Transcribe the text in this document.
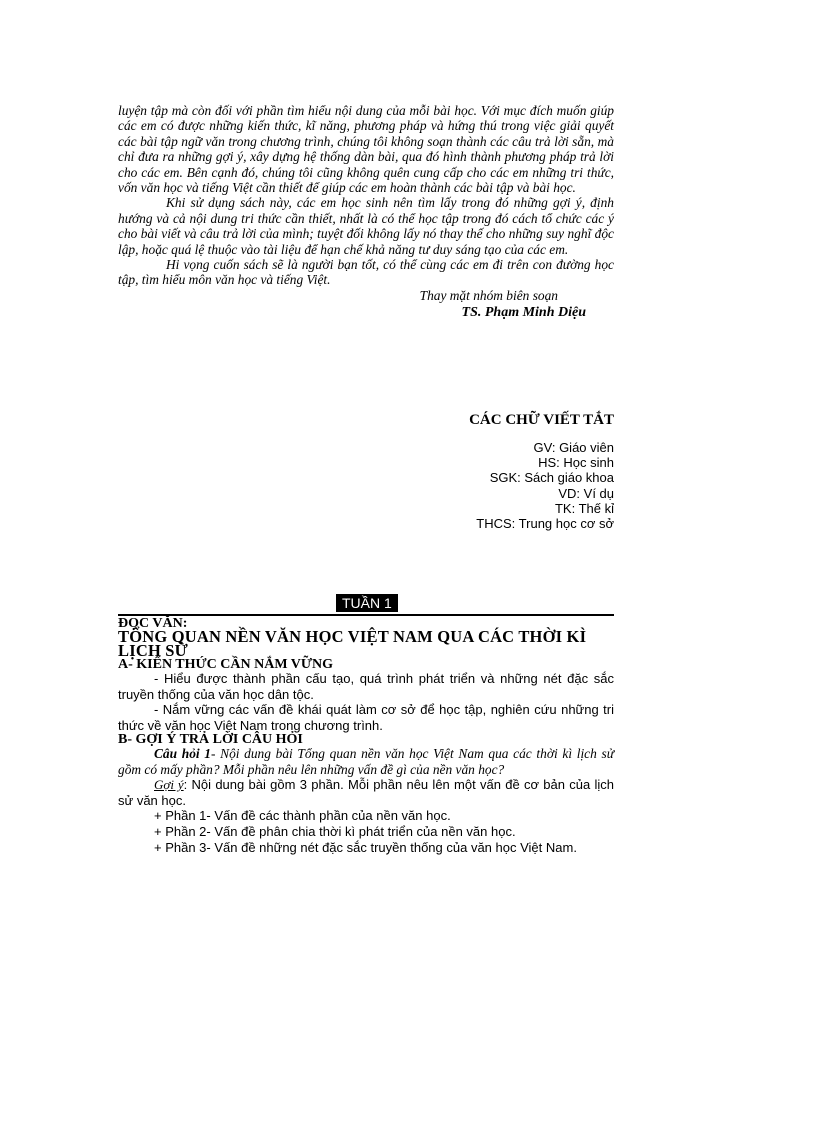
luyện tập mà còn đối với phần tìm hiểu nội dung của mỗi bài học. Với mục đích muốn giúp các em có được những kiến thức, kĩ năng, phương pháp và hứng thú trong việc giải quyết các bài tập ngữ văn trong chương trình, chúng tôi không soạn thành các câu trả lời sẵn, mà chỉ đưa ra những gợi ý, xây dựng hệ thống dàn bài, qua đó hình thành phương pháp trả lời cho các em. Bên cạnh đó, chúng tôi cũng không quên cung cấp cho các em những tri thức, vốn văn học và tiếng Việt cần thiết để giúp các em hoàn thành các bài tập và bài học.

Khi sử dụng sách này, các em học sinh nên tìm lấy trong đó những gợi ý, định hướng và cả nội dung tri thức cần thiết, nhất là có thể học tập trong đó cách tổ chức các ý cho bài viết và câu trả lời của mình; tuyệt đối không lấy nó thay thế cho những suy nghĩ độc lập, hoặc quá lệ thuộc vào tài liệu để hạn chế khả năng tư duy sáng tạo của các em.

Hi vọng cuốn sách sẽ là người bạn tốt, có thể cùng các em đi trên con đường học tập, tìm hiểu môn văn học và tiếng Việt.

Thay mặt nhóm biên soạn

TS. Phạm Minh Diệu

CÁC CHỮ VIẾT TẮT
GV: Giáo viên
HS: Học sinh
SGK: Sách giáo khoa
VD: Ví dụ
TK: Thế kỉ
THCS: Trung học cơ sở
TUẦN 1

ĐỌC VĂN:

TỔNG QUAN NỀN VĂN HỌC VIỆT NAM QUA CÁC THỜI KÌ LỊCH SỬ

A- KIẾN THỨC CẦN NẮM VỮNG

- Hiểu được thành phần cấu tạo, quá trình phát triển và những nét đặc sắc truyền thống của văn học dân tộc.

- Nắm vững các vấn đề khái quát làm cơ sở để học tập, nghiên cứu những tri thức về văn học Việt Nam trong chương trình.

B- GỢI Ý TRẢ LỜI CÂU HỎI

Câu hỏi 1- Nội dung bài Tổng quan nền văn học Việt Nam qua các thời kì lịch sử gồm có mấy phần? Mỗi phần nêu lên những vấn đề gì của nền văn học?

Gợi ý: Nội dung bài gồm 3 phần. Mỗi phần nêu lên một vấn đề cơ bản của lịch sử văn học.

+ Phần 1- Vấn đề các thành phần của nền văn học.

+ Phần 2- Vấn đề phân chia thời kì phát triển của nền văn học.

+ Phần 3- Vấn đề những nét đặc sắc truyền thống của văn học Việt Nam.
